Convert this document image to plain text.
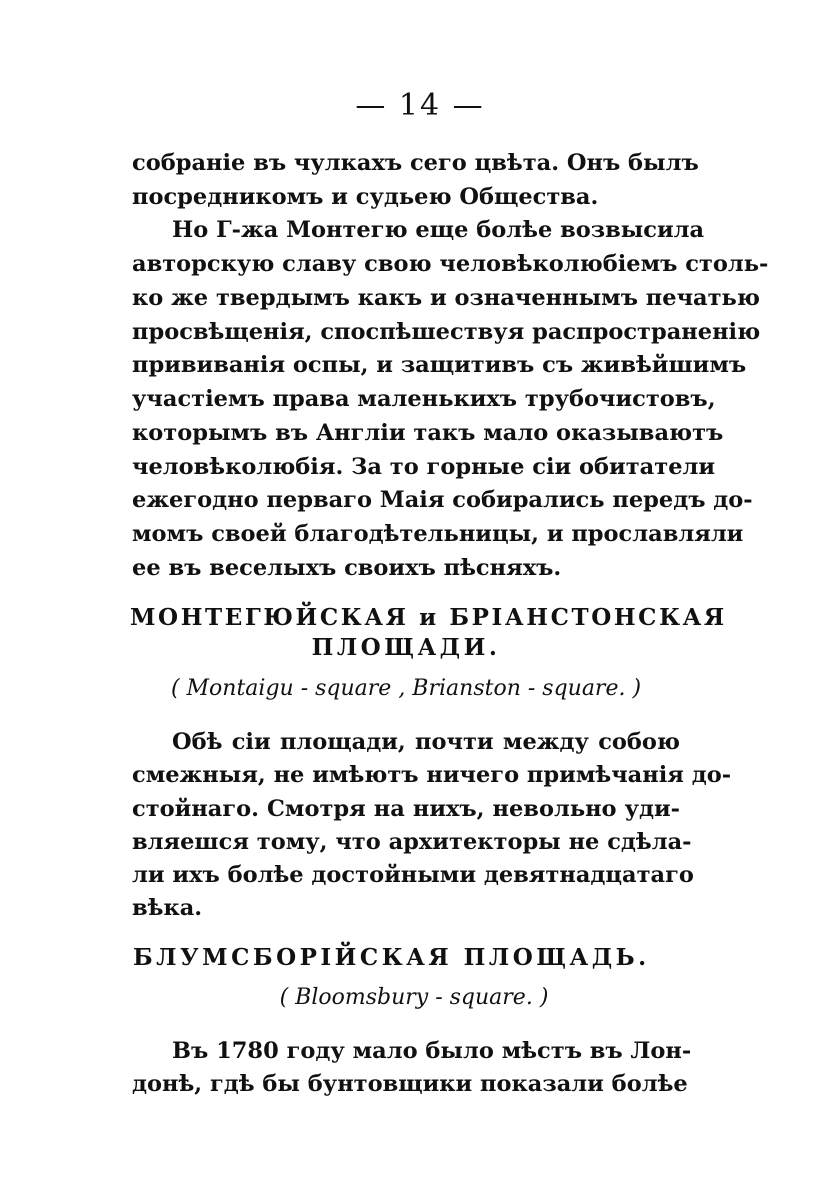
— 14 —
собраніе въ чулкахъ сего цвѣта. Онъ былъ
посредникомъ и судьею Общества.
Но Г-жа Монтегю еще болѣе возвысила
авторскую славу свою человѣколюбіемъ столь-
ко же твердымъ какъ и означеннымъ печатью
просвѣщенія, споспѣшествуя распространенію
прививанія оспы, и защитивъ съ живѣйшимъ
участіемъ права маленькихъ трубочистовъ,
которымъ въ Англіи такъ мало оказываютъ
человѣколюбія. За то горные сіи обитатели
ежегодно перваго Маія собирались передъ до-
момъ своей благодѣтельницы, и прославляли
ее въ веселыхъ своихъ пѣсняхъ.
МОНТЕГЮЙСКАЯ и БРІАНСТОНСКАЯ
ПЛОЩАДИ.
( Montaigu - square , Brianston - square. )
Обѣ сіи площади, почти между собою
смежныя, не имѣютъ ничего примѣчанія до-
стойнаго. Смотря на нихъ, невольно уди-
вляешся тому, что архитекторы не сдѣла-
ли ихъ болѣе достойными девятнадцатаго
вѣка.
БЛУМСБОРІЙСКАЯ ПЛОЩАДЬ.
( Bloomsbury - square. )
Въ 1780 году мало было мѣстъ въ Лон-
донѣ, гдѣ бы бунтовщики показали болѣе
